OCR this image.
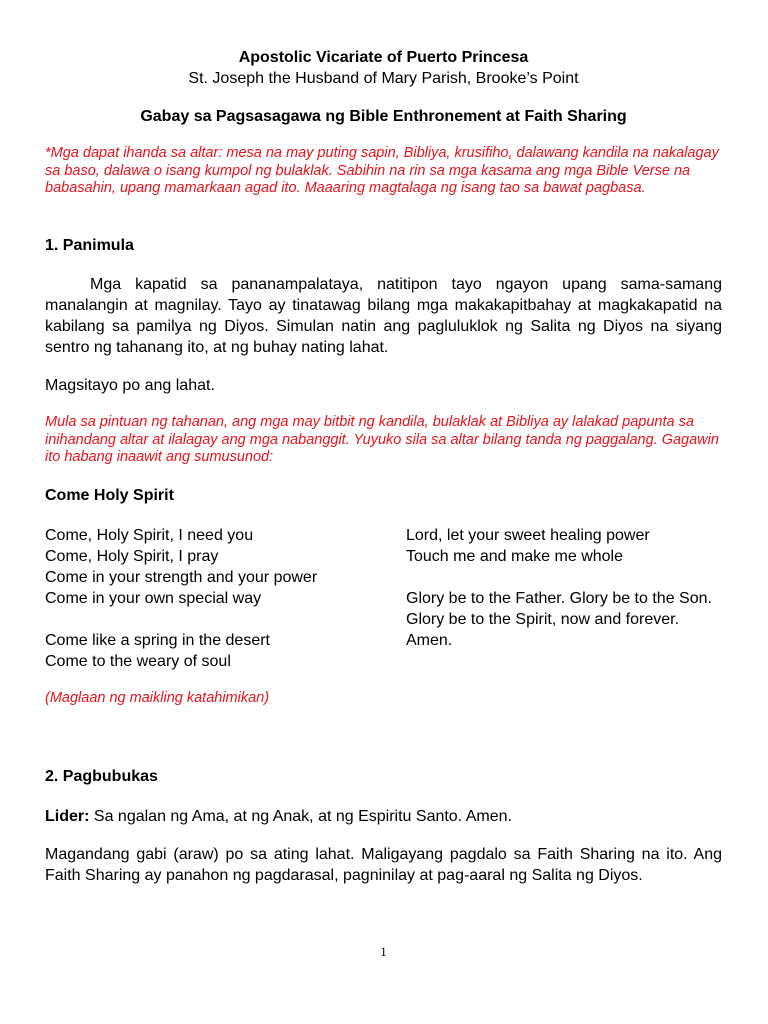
Apostolic Vicariate of Puerto Princesa
St. Joseph the Husband of Mary Parish, Brooke’s Point
Gabay sa Pagsasagawa ng Bible Enthronement at Faith Sharing
*Mga dapat ihanda sa altar: mesa na may puting sapin, Bibliya, krusifiho, dalawang kandila na nakalagay sa baso, dalawa o isang kumpol ng bulaklak. Sabihin na rin sa mga kasama ang mga Bible Verse na babasahin, upang mamarkaan agad ito. Maaaring magtalaga ng isang tao sa bawat pagbasa.
1. Panimula
Mga kapatid sa pananampalataya, natitipon tayo ngayon upang sama-samang manalangin at magnilay. Tayo ay tinatawag bilang mga makakapitbahay at magkakapatid na kabilang sa pamilya ng Diyos. Simulan natin ang pagluluklok ng Salita ng Diyos na siyang sentro ng tahanang ito, at ng buhay nating lahat.
Magsitayo po ang lahat.
Mula sa pintuan ng tahanan, ang mga may bitbit ng kandila, bulaklak at Bibliya ay lalakad papunta sa inihandang altar at ilalagay ang mga nabanggit. Yuyuko sila sa altar bilang tanda ng paggalang. Gagawin ito habang inaawit ang sumusunod:
Come Holy Spirit
Come, Holy Spirit, I need you
Come, Holy Spirit, I pray
Come in your strength and your power
Come in your own special way
Come like a spring in the desert
Come to the weary of soul
Lord, let your sweet healing power
Touch me and make me whole
Glory be to the Father. Glory be to the Son.
Glory be to the Spirit, now and forever. Amen.
(Maglaan ng maikling katahimikan)
2. Pagbubukas
Lider: Sa ngalan ng Ama, at ng Anak, at ng Espiritu Santo. Amen.
Magandang gabi (araw) po sa ating lahat. Maligayang pagdalo sa Faith Sharing na ito. Ang Faith Sharing ay panahon ng pagdarasal, pagninilay at pag-aaral ng Salita ng Diyos.
1
